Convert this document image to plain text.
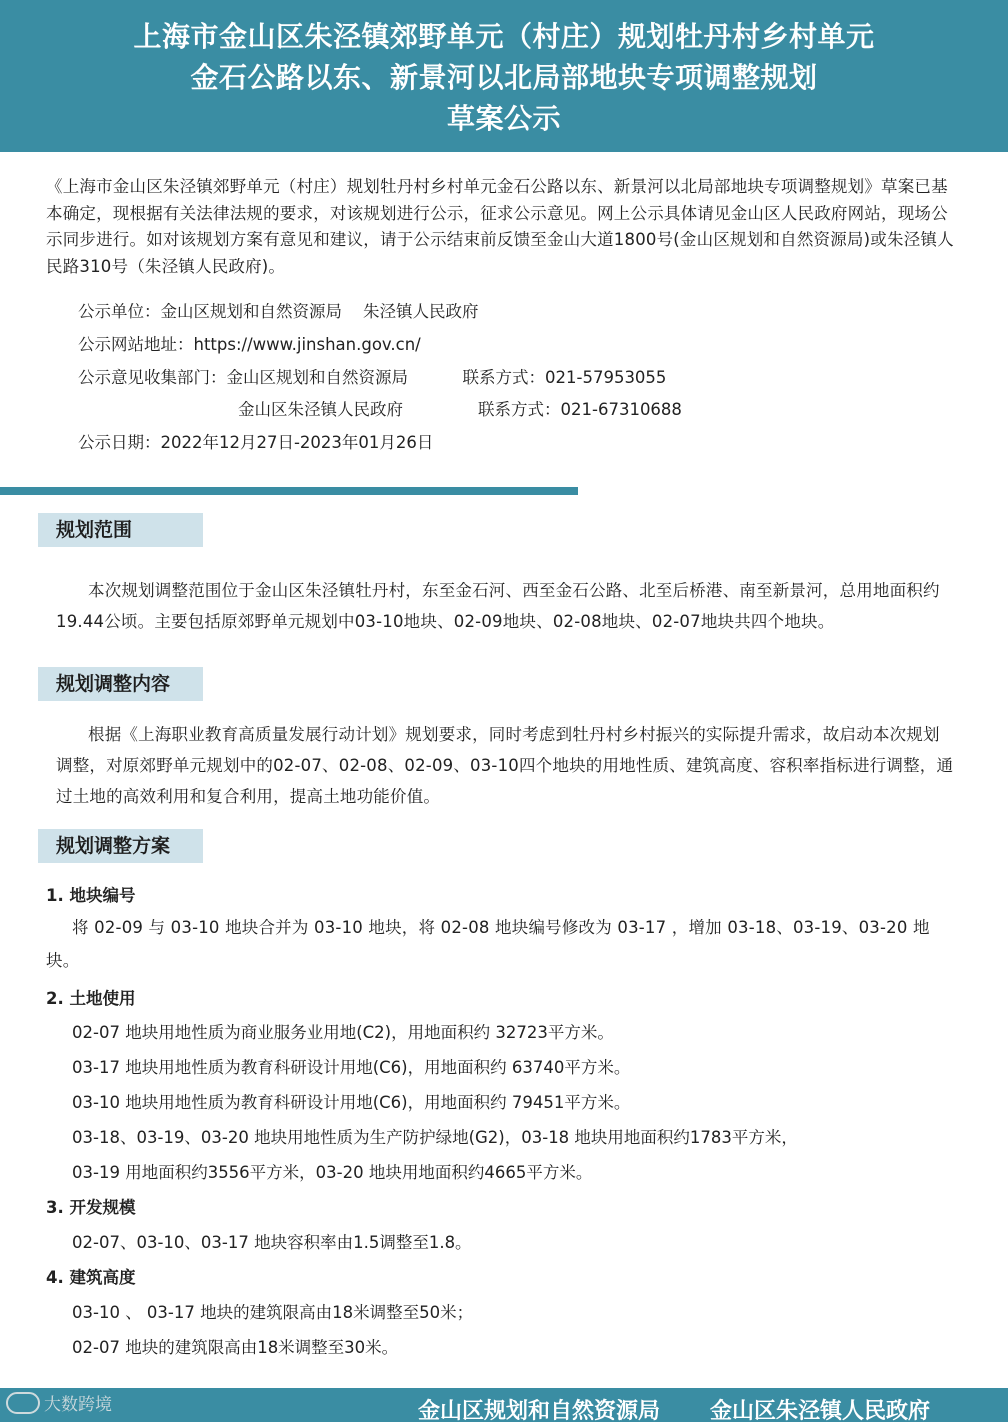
上海市金山区朱泾镇郊野单元（村庄）规划牡丹村乡村单元
金石公路以东、新景河以北局部地块专项调整规划
草案公示

《上海市金山区朱泾镇郊野单元（村庄）规划牡丹村乡村单元金石公路以东、新景河以北局部地块专项调整规划》草案已基本确定，现根据有关法律法规的要求，对该规划进行公示，征求公示意见。网上公示具体请见金山区人民政府网站，现场公示同步进行。如对该规划方案有意见和建议，请于公示结束前反馈至金山大道1800号(金山区规划和自然资源局)或朱泾镇人民路310号（朱泾镇人民政府)。

公示单位：金山区规划和自然资源局    朱泾镇人民政府
公示网站地址：https://www.jinshan.gov.cn/
公示意见收集部门：金山区规划和自然资源局	联系方式：021-57953055
金山区朱泾镇人民政府	联系方式：021-67310688
公示日期：2022年12月27日-2023年01月26日
规划范围

本次规划调整范围位于金山区朱泾镇牡丹村，东至金石河、西至金石公路、北至后桥港、南至新景河，总用地面积约19.44公顷。主要包括原郊野单元规划中03-10地块、02-09地块、02-08地块、02-07地块共四个地块。

规划调整内容

根据《上海职业教育高质量发展行动计划》规划要求，同时考虑到牡丹村乡村振兴的实际提升需求，故启动本次规划调整，对原郊野单元规划中的02-07、02-08、02-09、03-10四个地块的用地性质、建筑高度、容积率指标进行调整，通过土地的高效利用和复合利用，提高土地功能价值。

规划调整方案
1. 地块编号

将 02-09 与 03-10 地块合并为 03-10 地块，将 02-08 地块编号修改为 03-17 ，增加 03-18、03-19、03-20 地块。

2. 土地使用
02-07 地块用地性质为商业服务业用地(C2)，用地面积约 32723平方米。
03-17 地块用地性质为教育科研设计用地(C6)，用地面积约 63740平方米。
03-10 地块用地性质为教育科研设计用地(C6)，用地面积约 79451平方米。
03-18、03-19、03-20 地块用地性质为生产防护绿地(G2)，03-18 地块用地面积约1783平方米，
03-19 用地面积约3556平方米，03-20 地块用地面积约4665平方米。
3. 开发规模
02-07、03-10、03-17 地块容积率由1.5调整至1.8。
4. 建筑高度
03-10 、 03-17 地块的建筑限高由18米调整至50米；
02-07 地块的建筑限高由18米调整至30米。
金山区规划和自然资源局 金山区朱泾镇人民政府
大数跨境
